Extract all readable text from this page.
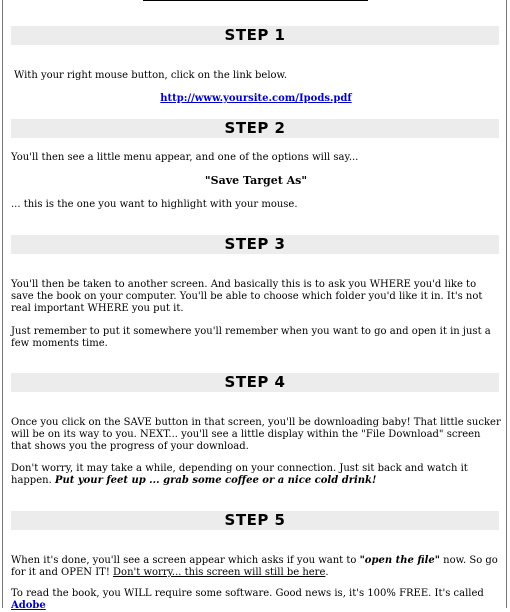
STEP 1
With your right mouse button, click on the link below.
http://www.yoursite.com/Ipods.pdf
STEP 2
You'll then see a little menu appear, and one of the options will say...
"Save Target As"
... this is the one you want to highlight with your mouse.
STEP 3
You'll then be taken to another screen. And basically this is to ask you WHERE you'd like to save the book on your computer. You'll be able to choose which folder you'd like it in. It's not real important WHERE you put it.
Just remember to put it somewhere you'll remember when you want to go and open it in just a few moments time.
STEP 4
Once you click on the SAVE button in that screen, you'll be downloading baby! That little sucker will be on its way to you. NEXT... you'll see a little display within the "File Download" screen that shows you the progress of your download.
Don't worry, it may take a while, depending on your connection. Just sit back and watch it happen. Put your feet up ... grab some coffee or a nice cold drink!
STEP 5
When it's done, you'll see a screen appear which asks if you want to "open the file" now. So go for it and OPEN IT! Don't worry... this screen will still be here.
To read the book, you WILL require some software. Good news is, it's 100% FREE. It's called Adobe
